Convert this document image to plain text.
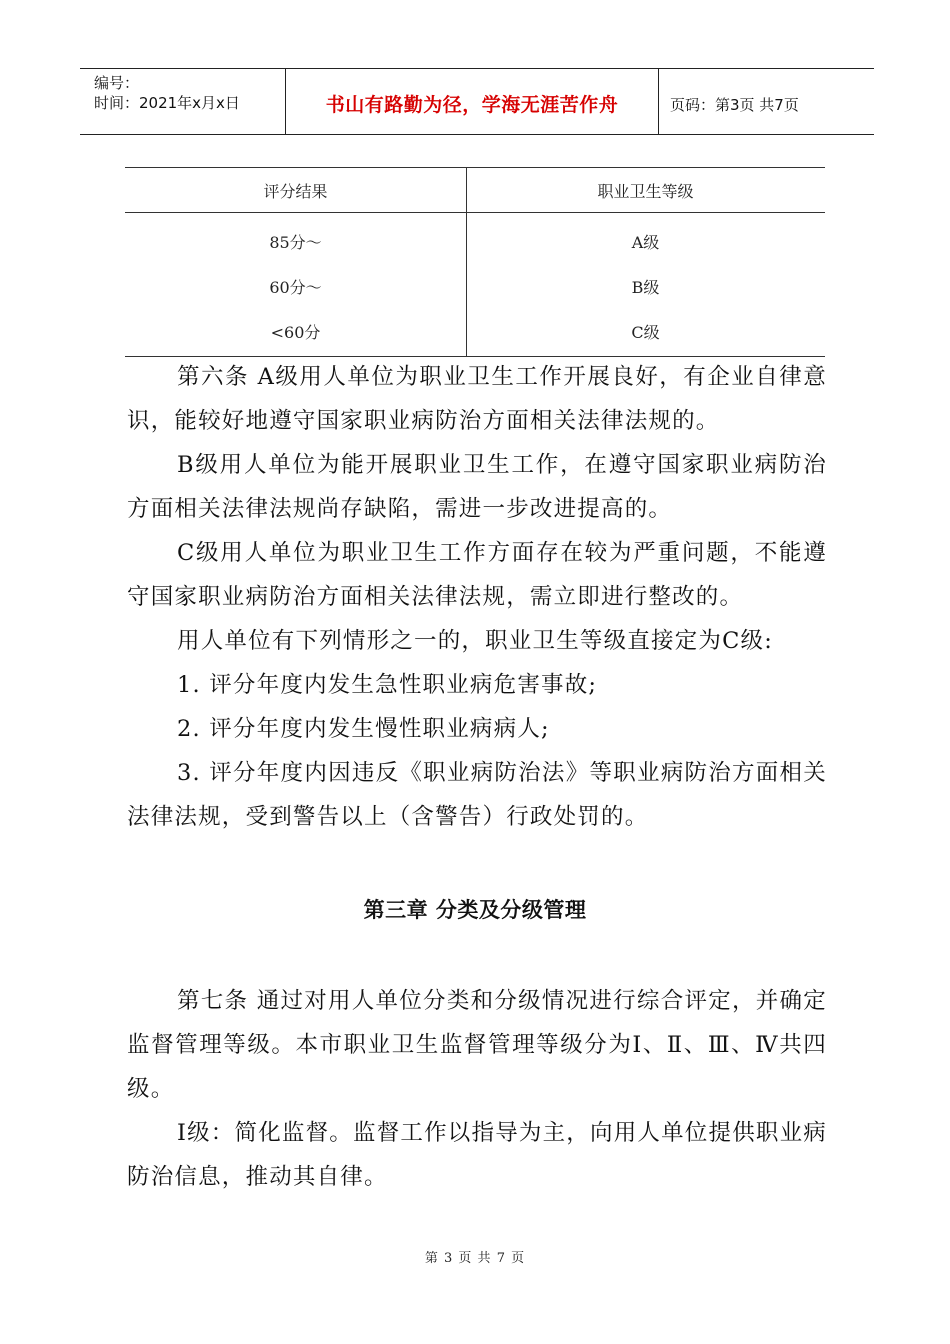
编号：
时间：2021年x月x日	书山有路勤为径，学海无涯苦作舟	页码：第3页 共7页
评分结果	职业卫生等级
85分～	A级
60分～	B级
<60分	C级

第六条 A级用人单位为职业卫生工作开展良好，有企业自律意识，能较好地遵守国家职业病防治方面相关法律法规的。

B级用人单位为能开展职业卫生工作，在遵守国家职业病防治方面相关法律法规尚存缺陷，需进一步改进提高的。

C级用人单位为职业卫生工作方面存在较为严重问题，不能遵守国家职业病防治方面相关法律法规，需立即进行整改的。

用人单位有下列情形之一的，职业卫生等级直接定为C级:

1. 评分年度内发生急性职业病危害事故;

2. 评分年度内发生慢性职业病病人;

3. 评分年度内因违反《职业病防治法》等职业病防治方面相关法律法规，受到警告以上（含警告）行政处罚的。

第三章 分类及分级管理

第七条 通过对用人单位分类和分级情况进行综合评定，并确定监督管理等级。本市职业卫生监督管理等级分为Ⅰ、Ⅱ、Ⅲ、Ⅳ共四级。

Ⅰ级：简化监督。监督工作以指导为主，向用人单位提供职业病防治信息，推动其自律。

第 3 页 共 7 页
